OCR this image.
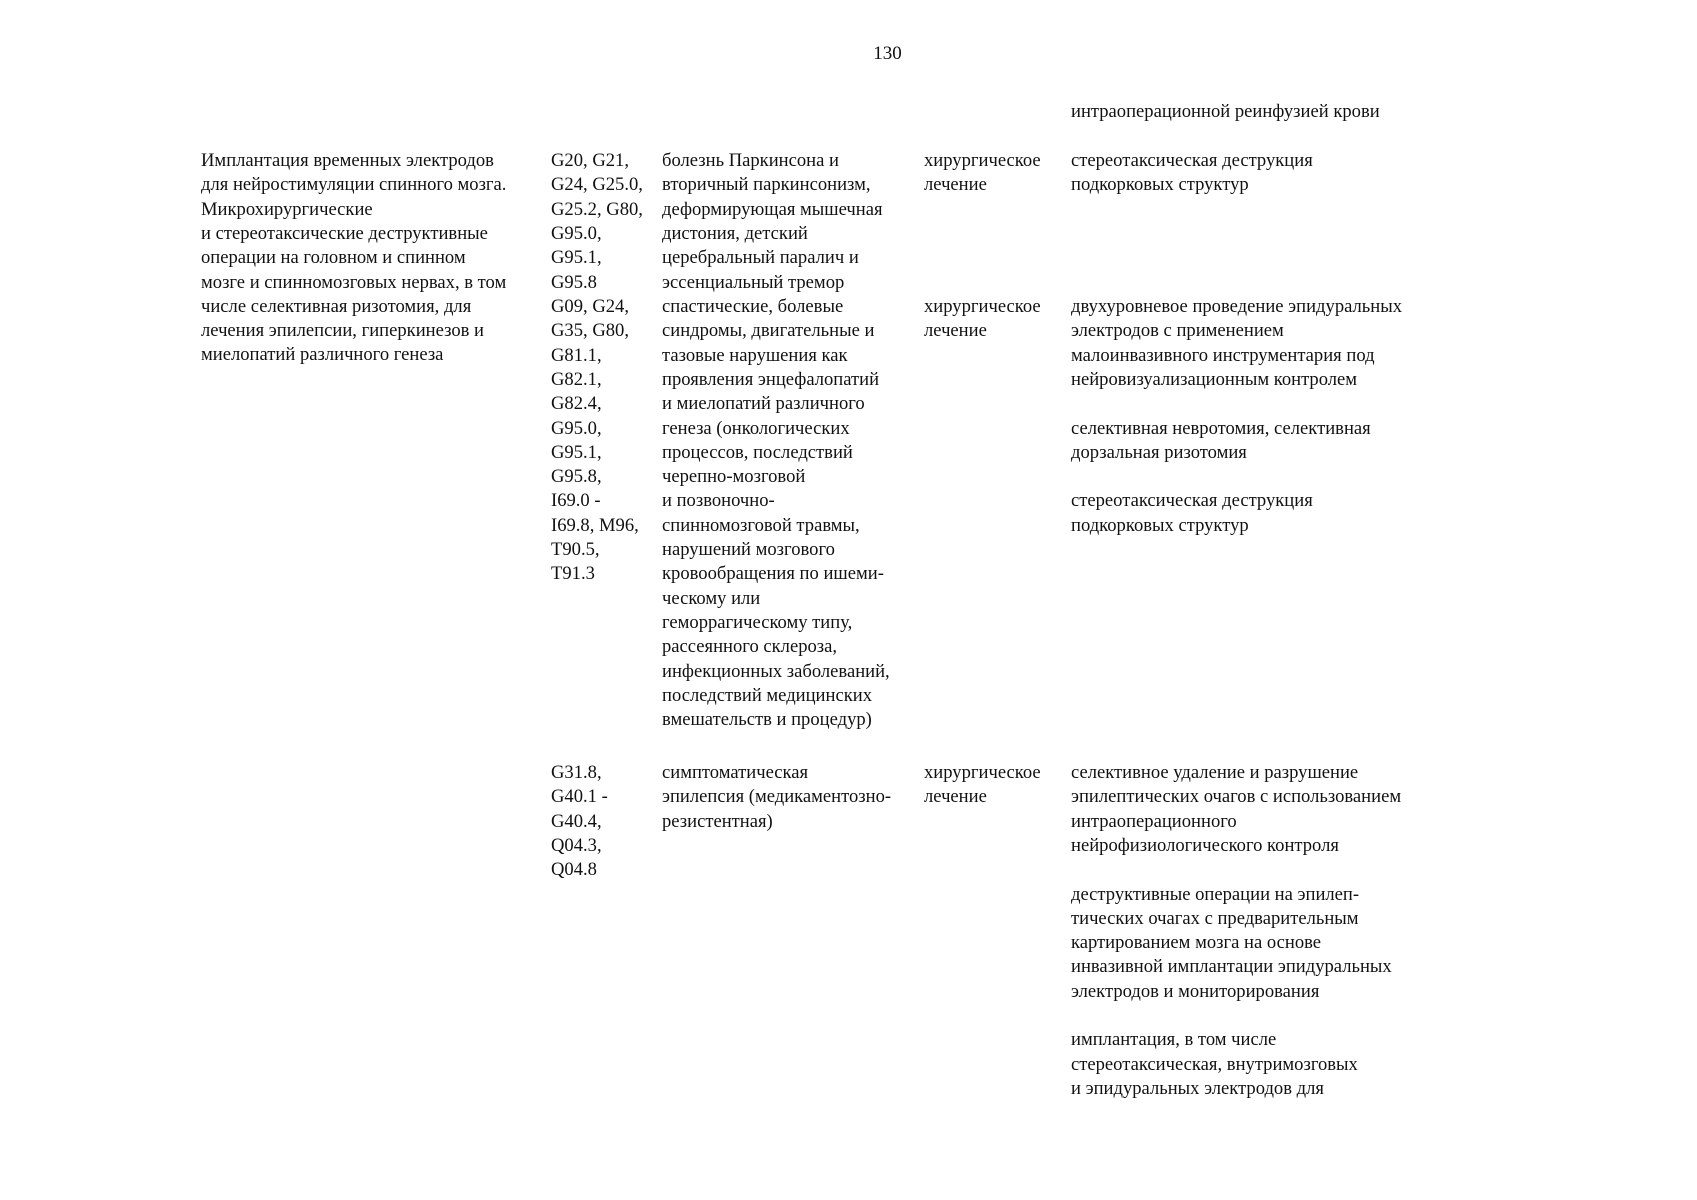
130
интраоперационной реинфузией крови
Имплантация временных электродов
для нейростимуляции спинного мозга.
Микрохирургические
и стереотаксические деструктивные
операции на головном и спинном
мозге и спинномозговых нервах, в том
числе селективная ризотомия, для
лечения эпилепсии, гиперкинезов и
миелопатий различного генеза
G20, G21,
G24, G25.0,
G25.2, G80,
G95.0,
G95.1,
G95.8
болезнь Паркинсона и
вторичный паркинсонизм,
деформирующая мышечная
дистония, детский
церебральный паралич и
эссенциальный тремор
хирургическое
лечение
стереотаксическая деструкция
подкорковых структур
G09, G24,
G35, G80,
G81.1,
G82.1,
G82.4,
G95.0,
G95.1,
G95.8,
I69.0 -
I69.8, M96,
T90.5,
T91.3
спастические, болевые
синдромы, двигательные и
тазовые нарушения как
проявления энцефалопатий
и миелопатий различного
генеза (онкологических
процессов, последствий
черепно-мозговой
и позвоночно-
спинномозговой травмы,
нарушений мозгового
кровообращения по ишеми-
ческому или
геморрагическому типу,
рассеянного склероза,
инфекционных заболеваний,
последствий медицинских
вмешательств и процедур)
хирургическое
лечение
двухуровневое проведение эпидуральных
электродов с применением
малоинвазивного инструментария под
нейровизуализационным контролем
селективная невротомия, селективная
дорзальная ризотомия
стереотаксическая деструкция
подкорковых структур
G31.8,
G40.1 -
G40.4,
Q04.3,
Q04.8
симптоматическая
эпилепсия (медикаментозно-
резистентная)
хирургическое
лечение
селективное удаление и разрушение
эпилептических очагов с использованием
интраоперационного
нейрофизиологического контроля
деструктивные операции на эпилеп-
тических очагах с предварительным
картированием мозга на основе
инвазивной имплантации эпидуральных
электродов и мониторирования
имплантация, в том числе
стереотаксическая, внутримозговых
и эпидуральных электродов для
